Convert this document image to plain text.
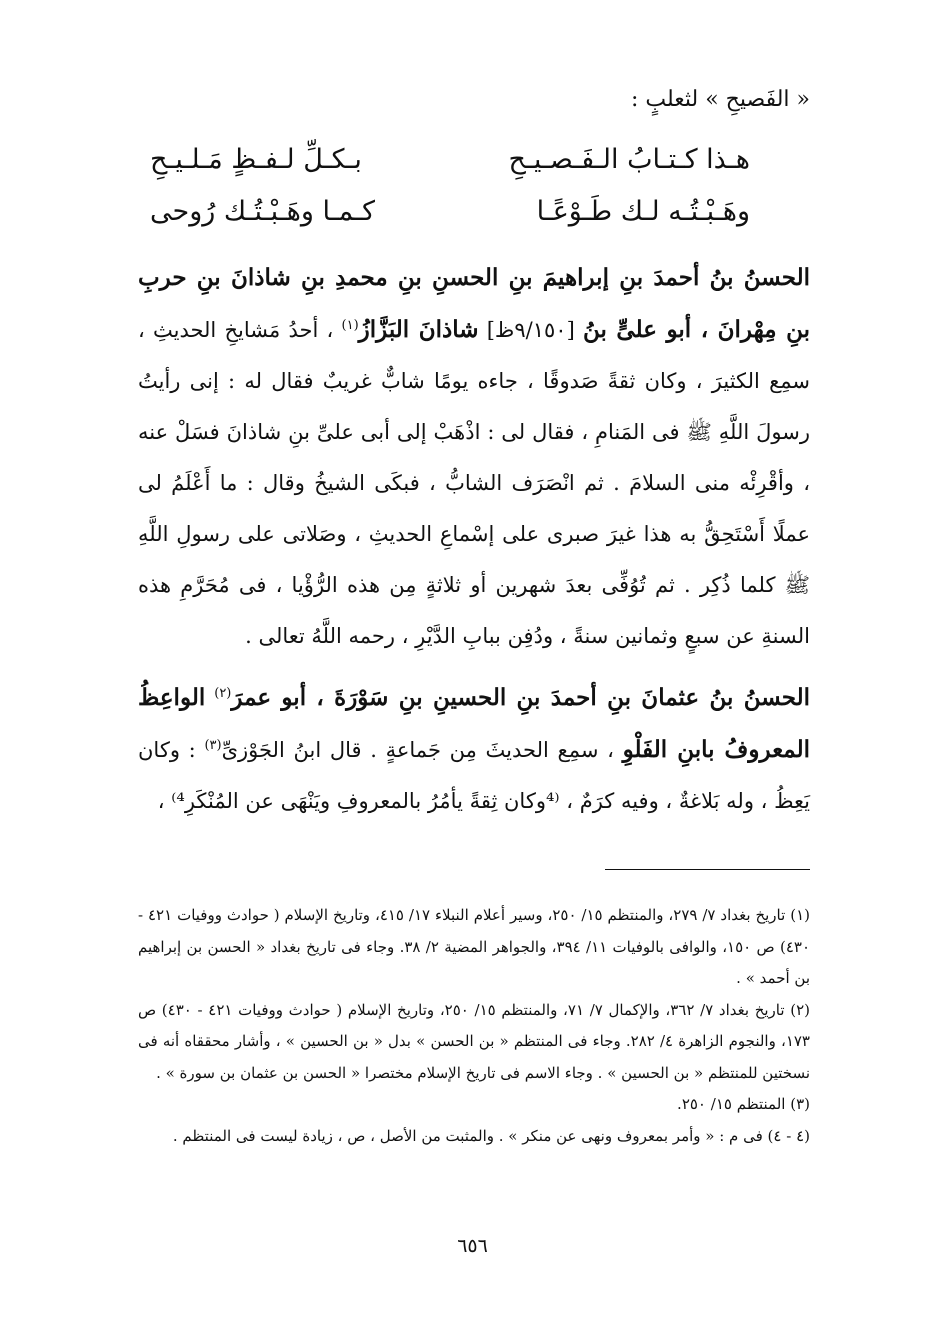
« الفَصيحِ » لثعلبٍ :
هـذا كـتـابُ الـفَـصـيـحِ
بـكـلِّ لـفـظٍ مَـلـيـحِ
وهَـبْـتُـه لـك طَـوْعًـا
كـمـا وهَـبْـتُـك رُوحى
الحسنُ بنُ أحمدَ بنِ إبراهيمَ بنِ الحسنِ بنِ محمدِ بنِ شاذانَ بنِ حربِ بنِ مِهْرانَ ، أبو علىٍّ بنُ [٩/١٥٠ظ] شاذانَ البَزَّازُ$^{(١)}$ ، أحدُ مَشايخِ الحديثِ ، سمِع الكثيرَ ، وكان ثقةً صَدوقًا ، جاءه يومًا شابٌّ غريبٌ فقال له : إنى رأيتُ رسولَ اللَّهِ ﷺ فى المَنامِ ، فقال لى : اذْهَبْ إلى أبى علىِّ بنِ شاذانَ فسَلْ عنه ، وأقْرِئْه منى السلامَ . ثم انْصَرَف الشابُّ ، فبكَى الشيخُ وقال : ما أَعْلَمُ لى عملًا أَسْتَحِقُّ به هذا غيرَ صبرى على إسْماعِ الحديثِ ، وصَلاتى على رسولِ اللَّهِ ﷺ كلما ذُكِر . ثم تُوُفِّى بعدَ شهرين أو ثلاثةٍ مِن هذه الرُّؤْيا ، فى مُحَرَّمِ هذه السنةِ عن سبعٍ وثمانين سنةً ، ودُفِن ببابِ الدَّيْرِ ، رحمه اللَّهُ تعالى .
الحسنُ بنُ عثمانَ بنِ أحمدَ بنِ الحسينِ بنِ سَوْرَةَ ، أبو عمرَ$^{(٢)}$ الواعِظُ المعروفُ بابنِ الفَلْوِ ، سمِع الحديثَ مِن جَماعةٍ . قال ابنُ الجَوْزىِّ$^{(٣)}$ : وكان يَعِظُ ، وله بَلاغةٌ ، وفيه كرَمٌ ، ⁽⁴وكان ثِقةً يأمُرُ بالمعروفِ ويَنْهَى عن المُنْكَرِ⁴⁾ ،

(١) تاريخ بغداد ٧/ ٢٧٩، والمنتظم ١٥/ ٢٥٠، وسير أعلام النبلاء ١٧/ ٤١٥، وتاريخ الإسلام ( حوادث ووفيات ٤٢١ - ٤٣٠) ص ١٥٠، والوافى بالوفيات ١١/ ٣٩٤، والجواهر المضية ٢/ ٣٨. وجاء فى تاريخ بغداد « الحسن بن إبراهيم بن أحمد » .

(٢) تاريخ بغداد ٧/ ٣٦٢، والإكمال ٧/ ٧١، والمنتظم ١٥/ ٢٥٠، وتاريخ الإسلام ( حوادث ووفيات ٤٢١ - ٤٣٠) ص ١٧٣، والنجوم الزاهرة ٤/ ٢٨٢. وجاء فى المنتظم « بن الحسن » بدل « بن الحسين » ، وأشار محققاه أنه فى نسختين للمنتظم « بن الحسين » . وجاء الاسم فى تاريخ الإسلام مختصرا « الحسن بن عثمان بن سورة » .

(٣) المنتظم ١٥/ ٢٥٠.

(٤ - ٤) فى م : « وأمر بمعروف ونهى عن منكر » . والمثبت من الأصل ، ص ، زيادة ليست فى المنتظم .

٦٥٦
